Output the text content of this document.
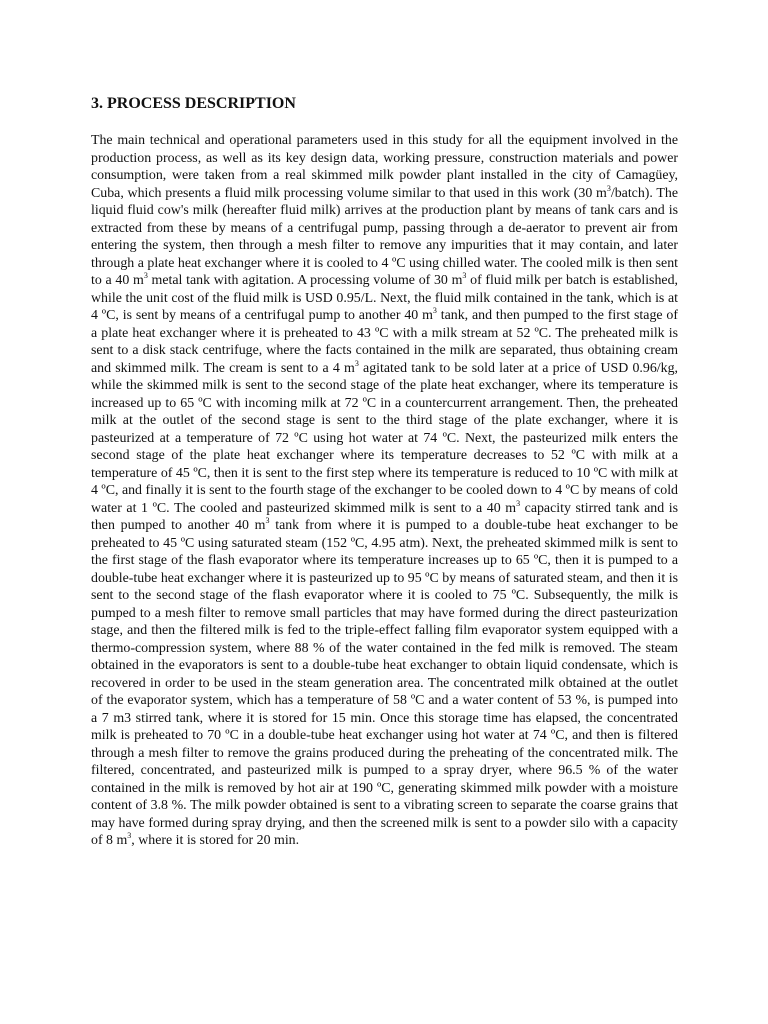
3. PROCESS DESCRIPTION

The main technical and operational parameters used in this study for all the equipment involved in the production process, as well as its key design data, working pressure, construction materials and power consumption, were taken from a real skimmed milk powder plant installed in the city of Camagüey, Cuba, which presents a fluid milk processing volume similar to that used in this work (30 $m^3/batch$). The liquid fluid cow's milk (hereafter fluid milk) arrives at the production plant by means of tank cars and is extracted from these by means of a centrifugal pump, passing through a de-aerator to prevent air from entering the system, then through a mesh filter to remove any impurities that it may contain, and later through a plate heat exchanger where it is cooled to 4 ºC using chilled water. The cooled milk is then sent to a 40 $m^3$ metal tank with agitation. A processing volume of 30 $m^3$ of fluid milk per batch is established, while the unit cost of the fluid milk is USD 0.95/L. Next, the fluid milk contained in the tank, which is at 4 ºC, is sent by means of a centrifugal pump to another 40 $m^3$ tank, and then pumped to the first stage of a plate heat exchanger where it is preheated to 43 ºC with a milk stream at 52 ºC. The preheated milk is sent to a disk stack centrifuge, where the facts contained in the milk are separated, thus obtaining cream and skimmed milk. The cream is sent to a 4 $m^3$ agitated tank to be sold later at a price of USD 0.96/kg, while the skimmed milk is sent to the second stage of the plate heat exchanger, where its temperature is increased up to 65 ºC with incoming milk at 72 ºC in a countercurrent arrangement. Then, the preheated milk at the outlet of the second stage is sent to the third stage of the plate exchanger, where it is pasteurized at a temperature of 72 ºC using hot water at 74 ºC. Next, the pasteurized milk enters the second stage of the plate heat exchanger where its temperature decreases to 52 ºC with milk at a temperature of 45 ºC, then it is sent to the first step where its temperature is reduced to 10 ºC with milk at 4 ºC, and finally it is sent to the fourth stage of the exchanger to be cooled down to 4 ºC by means of cold water at 1 ºC. The cooled and pasteurized skimmed milk is sent to a 40 $m^3$ capacity stirred tank and is then pumped to another 40 $m^3$ tank from where it is pumped to a double-tube heat exchanger to be preheated to 45 ºC using saturated steam (152 ºC, 4.95 atm). Next, the preheated skimmed milk is sent to the first stage of the flash evaporator where its temperature increases up to 65 ºC, then it is pumped to a double-tube heat exchanger where it is pasteurized up to 95 ºC by means of saturated steam, and then it is sent to the second stage of the flash evaporator where it is cooled to 75 ºC. Subsequently, the milk is pumped to a mesh filter to remove small particles that may have formed during the direct pasteurization stage, and then the filtered milk is fed to the triple-effect falling film evaporator system equipped with a thermo-compression system, where 88 % of the water contained in the fed milk is removed. The steam obtained in the evaporators is sent to a double-tube heat exchanger to obtain liquid condensate, which is recovered in order to be used in the steam generation area. The concentrated milk obtained at the outlet of the evaporator system, which has a temperature of 58 ºC and a water content of 53 %, is pumped into a 7 m3 stirred tank, where it is stored for 15 min. Once this storage time has elapsed, the concentrated milk is preheated to 70 ºC in a double-tube heat exchanger using hot water at 74 ºC, and then is filtered through a mesh filter to remove the grains produced during the preheating of the concentrated milk. The filtered, concentrated, and pasteurized milk is pumped to a spray dryer, where 96.5 % of the water contained in the milk is removed by hot air at 190 ºC, generating skimmed milk powder with a moisture content of 3.8 %. The milk powder obtained is sent to a vibrating screen to separate the coarse grains that may have formed during spray drying, and then the screened milk is sent to a powder silo with a capacity of 8 $m^3$, where it is stored for 20 min.
